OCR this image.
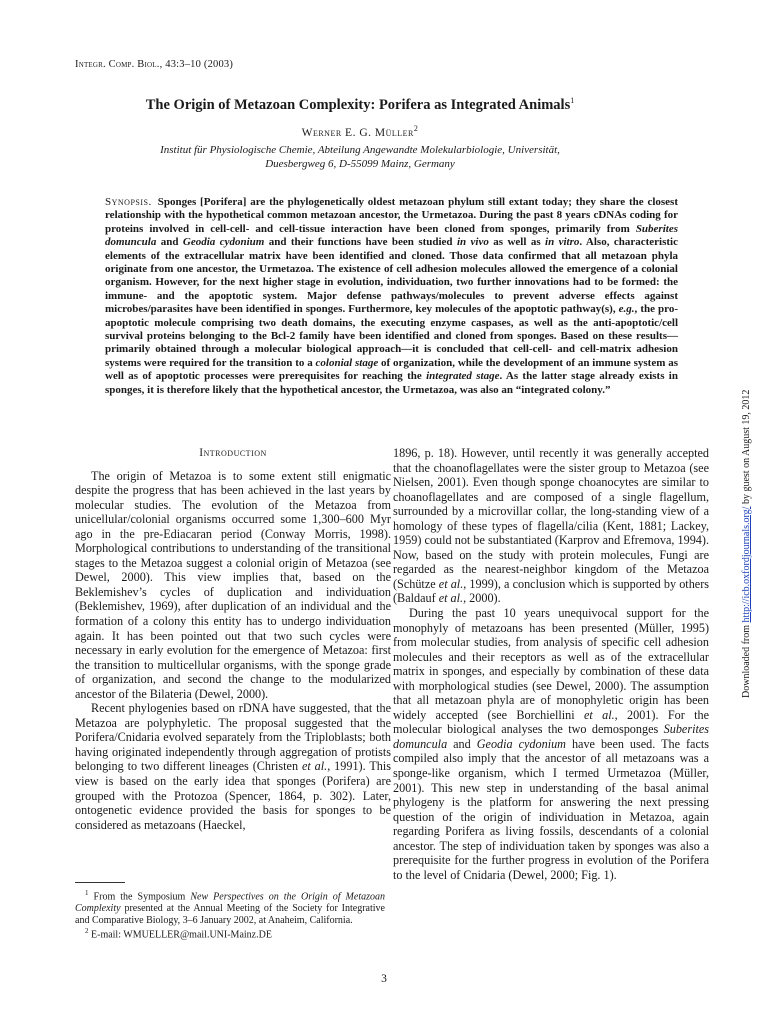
Integr. Comp. Biol., 43:3–10 (2003)
The Origin of Metazoan Complexity: Porifera as Integrated Animals$^1$
Werner E. G. Müller$^2$
Institut für Physiologische Chemie, Abteilung Angewandte Molekularbiologie, Universität,
Duesbergweg 6, D-55099 Mainz, Germany
Synopsis. Sponges [Porifera] are the phylogenetically oldest metazoan phylum still extant today; they share the closest relationship with the hypothetical common metazoan ancestor, the Urmetazoa. During the past 8 years cDNAs coding for proteins involved in cell-cell- and cell-tissue interaction have been cloned from sponges, primarily from Suberites domuncula and Geodia cydonium and their functions have been studied in vivo as well as in vitro. Also, characteristic elements of the extracellular matrix have been identified and cloned. Those data confirmed that all metazoan phyla originate from one ancestor, the Urmetazoa. The existence of cell adhesion molecules allowed the emergence of a colonial organism. However, for the next higher stage in evolution, individuation, two further innovations had to be formed: the immune- and the apoptotic system. Major defense pathways/molecules to prevent adverse effects against microbes/parasites have been identified in sponges. Furthermore, key molecules of the apoptotic pathway(s), e.g., the pro-apoptotic molecule comprising two death domains, the executing enzyme caspases, as well as the anti-apoptotic/cell survival proteins belonging to the Bcl-2 family have been identified and cloned from sponges. Based on these results—primarily obtained through a molecular biological approach—it is concluded that cell-cell- and cell-matrix adhesion systems were required for the transition to a colonial stage of organization, while the development of an immune system as well as of apoptotic processes were prerequisites for reaching the integrated stage. As the latter stage already exists in sponges, it is therefore likely that the hypothetical ancestor, the Urmetazoa, was also an “integrated colony.”
Introduction

The origin of Metazoa is to some extent still enigmatic despite the progress that has been achieved in the last years by molecular studies. The evolution of the Metazoa from unicellular/colonial organisms occurred some 1,300–600 Myr ago in the pre-Ediacaran period (Conway Morris, 1998). Morphological contributions to understanding of the transitional stages to the Metazoa suggest a colonial origin of Metazoa (see Dewel, 2000). This view implies that, based on the Beklemishev’s cycles of duplication and individuation (Beklemishev, 1969), after duplication of an individual and the formation of a colony this entity has to undergo individuation again. It has been pointed out that two such cycles were necessary in early evolution for the emergence of Metazoa: first the transition to multicellular organisms, with the sponge grade of organization, and second the change to the modularized ancestor of the Bilateria (Dewel, 2000).

Recent phylogenies based on rDNA have suggested, that the Metazoa are polyphyletic. The proposal suggested that the Porifera/Cnidaria evolved separately from the Triploblasts; both having originated independently through aggregation of protists belonging to two different lineages (Christen et al., 1991). This view is based on the early idea that sponges (Porifera) are grouped with the Protozoa (Spencer, 1864, p. 302). Later, ontogenetic evidence provided the basis for sponges to be considered as metazoans (Haeckel,

1896, p. 18). However, until recently it was generally accepted that the choanoflagellates were the sister group to Metazoa (see Nielsen, 2001). Even though sponge choanocytes are similar to choanoflagellates and are composed of a single flagellum, surrounded by a microvillar collar, the long-standing view of a homology of these types of flagella/cilia (Kent, 1881; Lackey, 1959) could not be substantiated (Karprov and Efremova, 1994). Now, based on the study with protein molecules, Fungi are regarded as the nearest-neighbor kingdom of the Metazoa (Schütze et al., 1999), a conclusion which is supported by others (Baldauf et al., 2000).

During the past 10 years unequivocal support for the monophyly of metazoans has been presented (Müller, 1995) from molecular studies, from analysis of specific cell adhesion molecules and their receptors as well as of the extracellular matrix in sponges, and especially by combination of these data with morphological studies (see Dewel, 2000). The assumption that all metazoan phyla are of monophyletic origin has been widely accepted (see Borchiellini et al., 2001). For the molecular biological analyses the two demosponges Suberites domuncula and Geodia cydonium have been used. The facts compiled also imply that the ancestor of all metazoans was a sponge-like organism, which I termed Urmetazoa (Müller, 2001). This new step in understanding of the basal animal phylogeny is the platform for answering the next pressing question of the origin of individuation in Metazoa, again regarding Porifera as living fossils, descendants of a colonial ancestor. The step of individuation taken by sponges was also a prerequisite for the further progress in evolution of the Porifera to the level of Cnidaria (Dewel, 2000; Fig. 1).

$^1$ From the Symposium New Perspectives on the Origin of Metazoan Complexity presented at the Annual Meeting of the Society for Integrative and Comparative Biology, 3–6 January 2002, at Anaheim, California.

$^2$ E-mail: WMUELLER@mail.UNI-Mainz.DE

3
Downloaded from http://icb.oxfordjournals.org/ by guest on August 19, 2012
